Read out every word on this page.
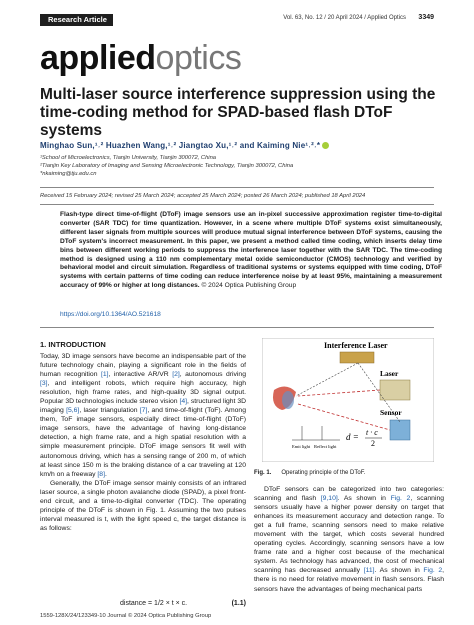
Research Article	Vol. 63, No. 12 / 20 April 2024 / Applied Optics 3349
appliedoptics
Multi-laser source interference suppression using the time-coding method for SPAD-based flash DToF systems
Minghao Sun,¹˒² Huazhen Wang,¹˒² Jiangtao Xu,¹˒² and Kaiming Nie¹˒²˒*
¹School of Microelectronics, Tianjin University, Tianjin 300072, China
²Tianjin Key Laboratory of Imaging and Sensing Microelectronic Technology, Tianjin 300072, China
*nkaiming@tju.edu.cn
Received 15 February 2024; revised 25 March 2024; accepted 25 March 2024; posted 26 March 2024; published 18 April 2024
Flash-type direct time-of-flight (DToF) image sensors use an in-pixel successive approximation register time-to-digital converter (SAR TDC) for time quantization. However, in a scene where multiple DToF systems exist simultaneously, different laser signals from multiple sources will produce mutual signal interference between DToF systems, causing the DToF system's incorrect measurement. In this paper, we present a method called time coding, which inserts delay time bins between different working periods to suppress the interference laser together with the SAR TDC. The time-coding method is designed using a 110 nm complementary metal oxide semiconductor (CMOS) technology and verified by behavioral model and circuit simulation. Regardless of traditional systems or systems equipped with time coding, DToF systems with certain patterns of time coding can reduce interference noise by at least 95%, maintaining a measurement accuracy of 99% or higher at long distances. © 2024 Optica Publishing Group
https://doi.org/10.1364/AO.521618
1. INTRODUCTION

Today, 3D image sensors have become an indispensable part of the future technology chain, playing a significant role in the fields of human recognition [1], interactive AR/VR [2], autonomous driving [3], and intelligent robots, which require high accuracy, high resolution, high frame rates, and high-quality 3D signal output. Popular 3D technologies include stereo vision [4], structured light 3D imaging [5,6], laser triangulation [7], and time-of-flight (ToF). Among them, ToF image sensors, especially direct time-of-flight (DToF) image sensors, have the advantage of having long-distance detection, a high frame rate, and a high spatial resolution with a simple measurement principle. DToF image sensors fit well with autonomous driving, which has a sensing range of 200 m, of which at least since 150 m is the braking distance of a car traveling at 120 km/h on a freeway [8].

Generally, the DToF image sensor mainly consists of an infrared laser source, a single photon avalanche diode (SPAD), a pixel front-end circuit, and a time-to-digital converter (TDC). The operating principle of the DToF is shown in Fig. 1. Assuming the two pulses interval measured is t, with the light speed c, the target distance is as follows:

distance = 1/2 × t × c.	(1.1)
Interference Laser
Laser
Sensor
Emit light Reflect light
d = t · c
2
Fig. 1. Operating principle of the DToF.

DToF sensors can be categorized into two categories: scanning and flash [9,10]. As shown in Fig. 2, scanning sensors usually have a higher power density on target that enhances its measurement accuracy and detection range. To get a full frame, scanning sensors need to make relative movement with the target, which costs several hundred operating cycles. Accordingly, scanning sensors have a low frame rate and a higher cost because of the mechanical system. As technology has advanced, the cost of mechanical scanning has decreased annually [11]. As shown in Fig. 2, there is no need for relative movement in flash sensors. Flash sensors have the advantages of being mechanical parts

1559-128X/24/123349-10 Journal © 2024 Optica Publishing Group
